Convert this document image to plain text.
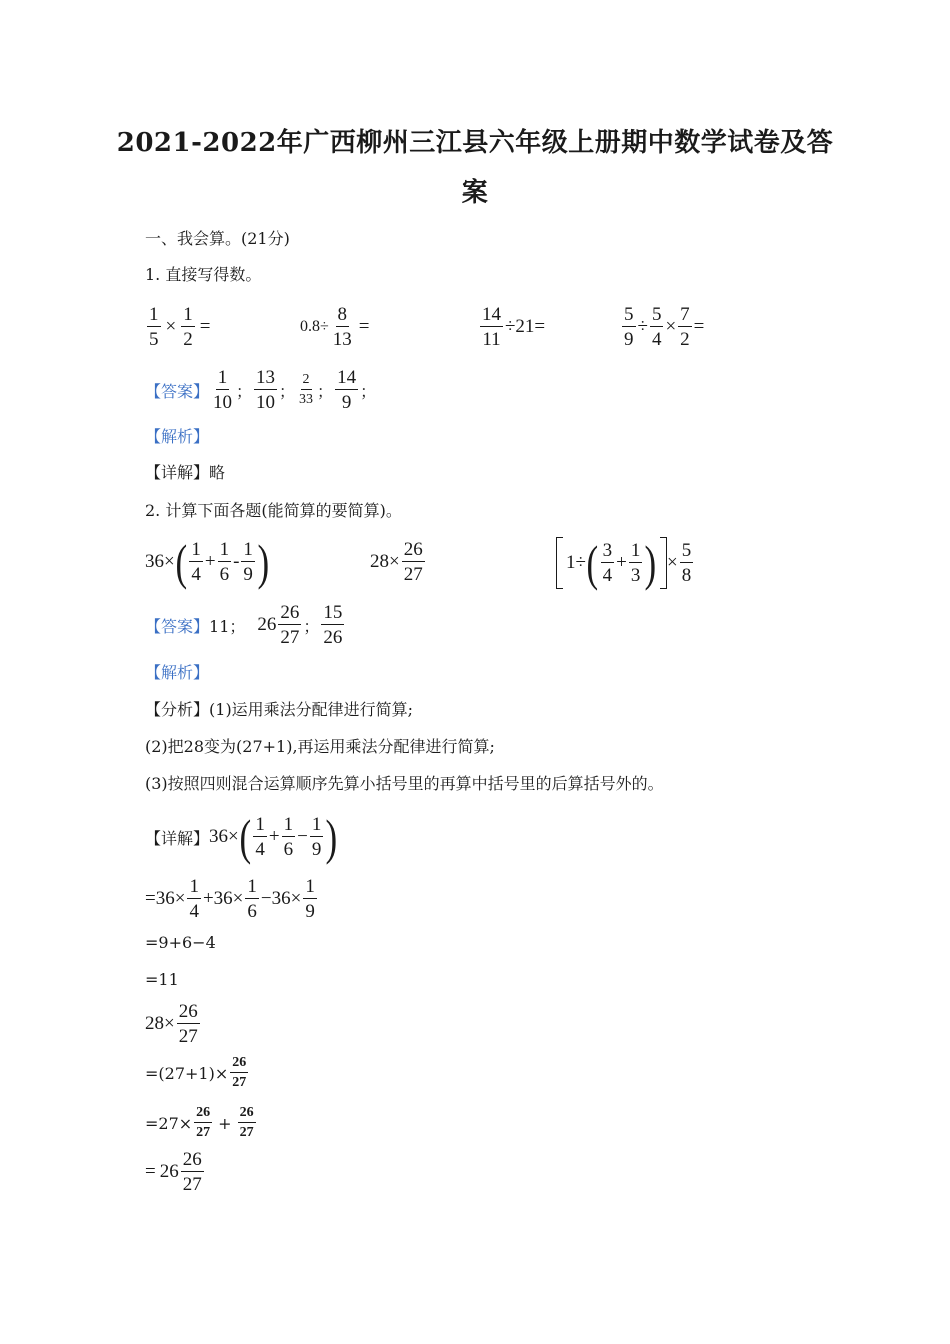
2021-2022年广西柳州三江县六年级上册期中数学试卷及答
案
一、我会算。(21分)
1. 直接写得数。
$\frac{1}{5} \times \frac{1}{2}$ =	$0.8\div \frac{8}{13}$ =	$\frac{14}{11} \div 21=$	$\frac{5}{9} \div \frac{5}{4} \times \frac{7}{2}$ =
【答案】 $\frac{1}{10}$ ； $\frac{13}{10}$ ； $\frac{2}{33}$ ； $\frac{14}{9}$ ；
【解析】
【详解】 略
2. 计算下面各题(能简算的要简算)。
36× ( $\frac{1}{4} + \frac{1}{6} - \frac{1}{9}$ )	$28\times \frac{26}{27}$	1÷ ( $\frac{3}{4} + \frac{1}{3}$ ) × $\frac{5}{8}$
【答案】 11； $26 \frac{26}{27}$ ； $\frac{15}{26}$
【解析】
【分析】 (1)运用乘法分配律进行简算;
(2)把28变为(27+1),再运用乘法分配律进行简算;
(3)按照四则混合运算顺序先算小括号里的再算中括号里的后算括号外的。
【详解】 36× ( $\frac{1}{4} + \frac{1}{6} - \frac{1}{9}$ )
$=36\times \frac{1}{4} +36\times \frac{1}{6} -36\times \frac{1}{9}$
=9+6−4
=11
$28\times \frac{26}{27}$
$=(27+1)\times \frac{26}{27}$
$=27\times \frac{26}{27} + \frac{26}{27}$
= $26 \frac{26}{27}$
